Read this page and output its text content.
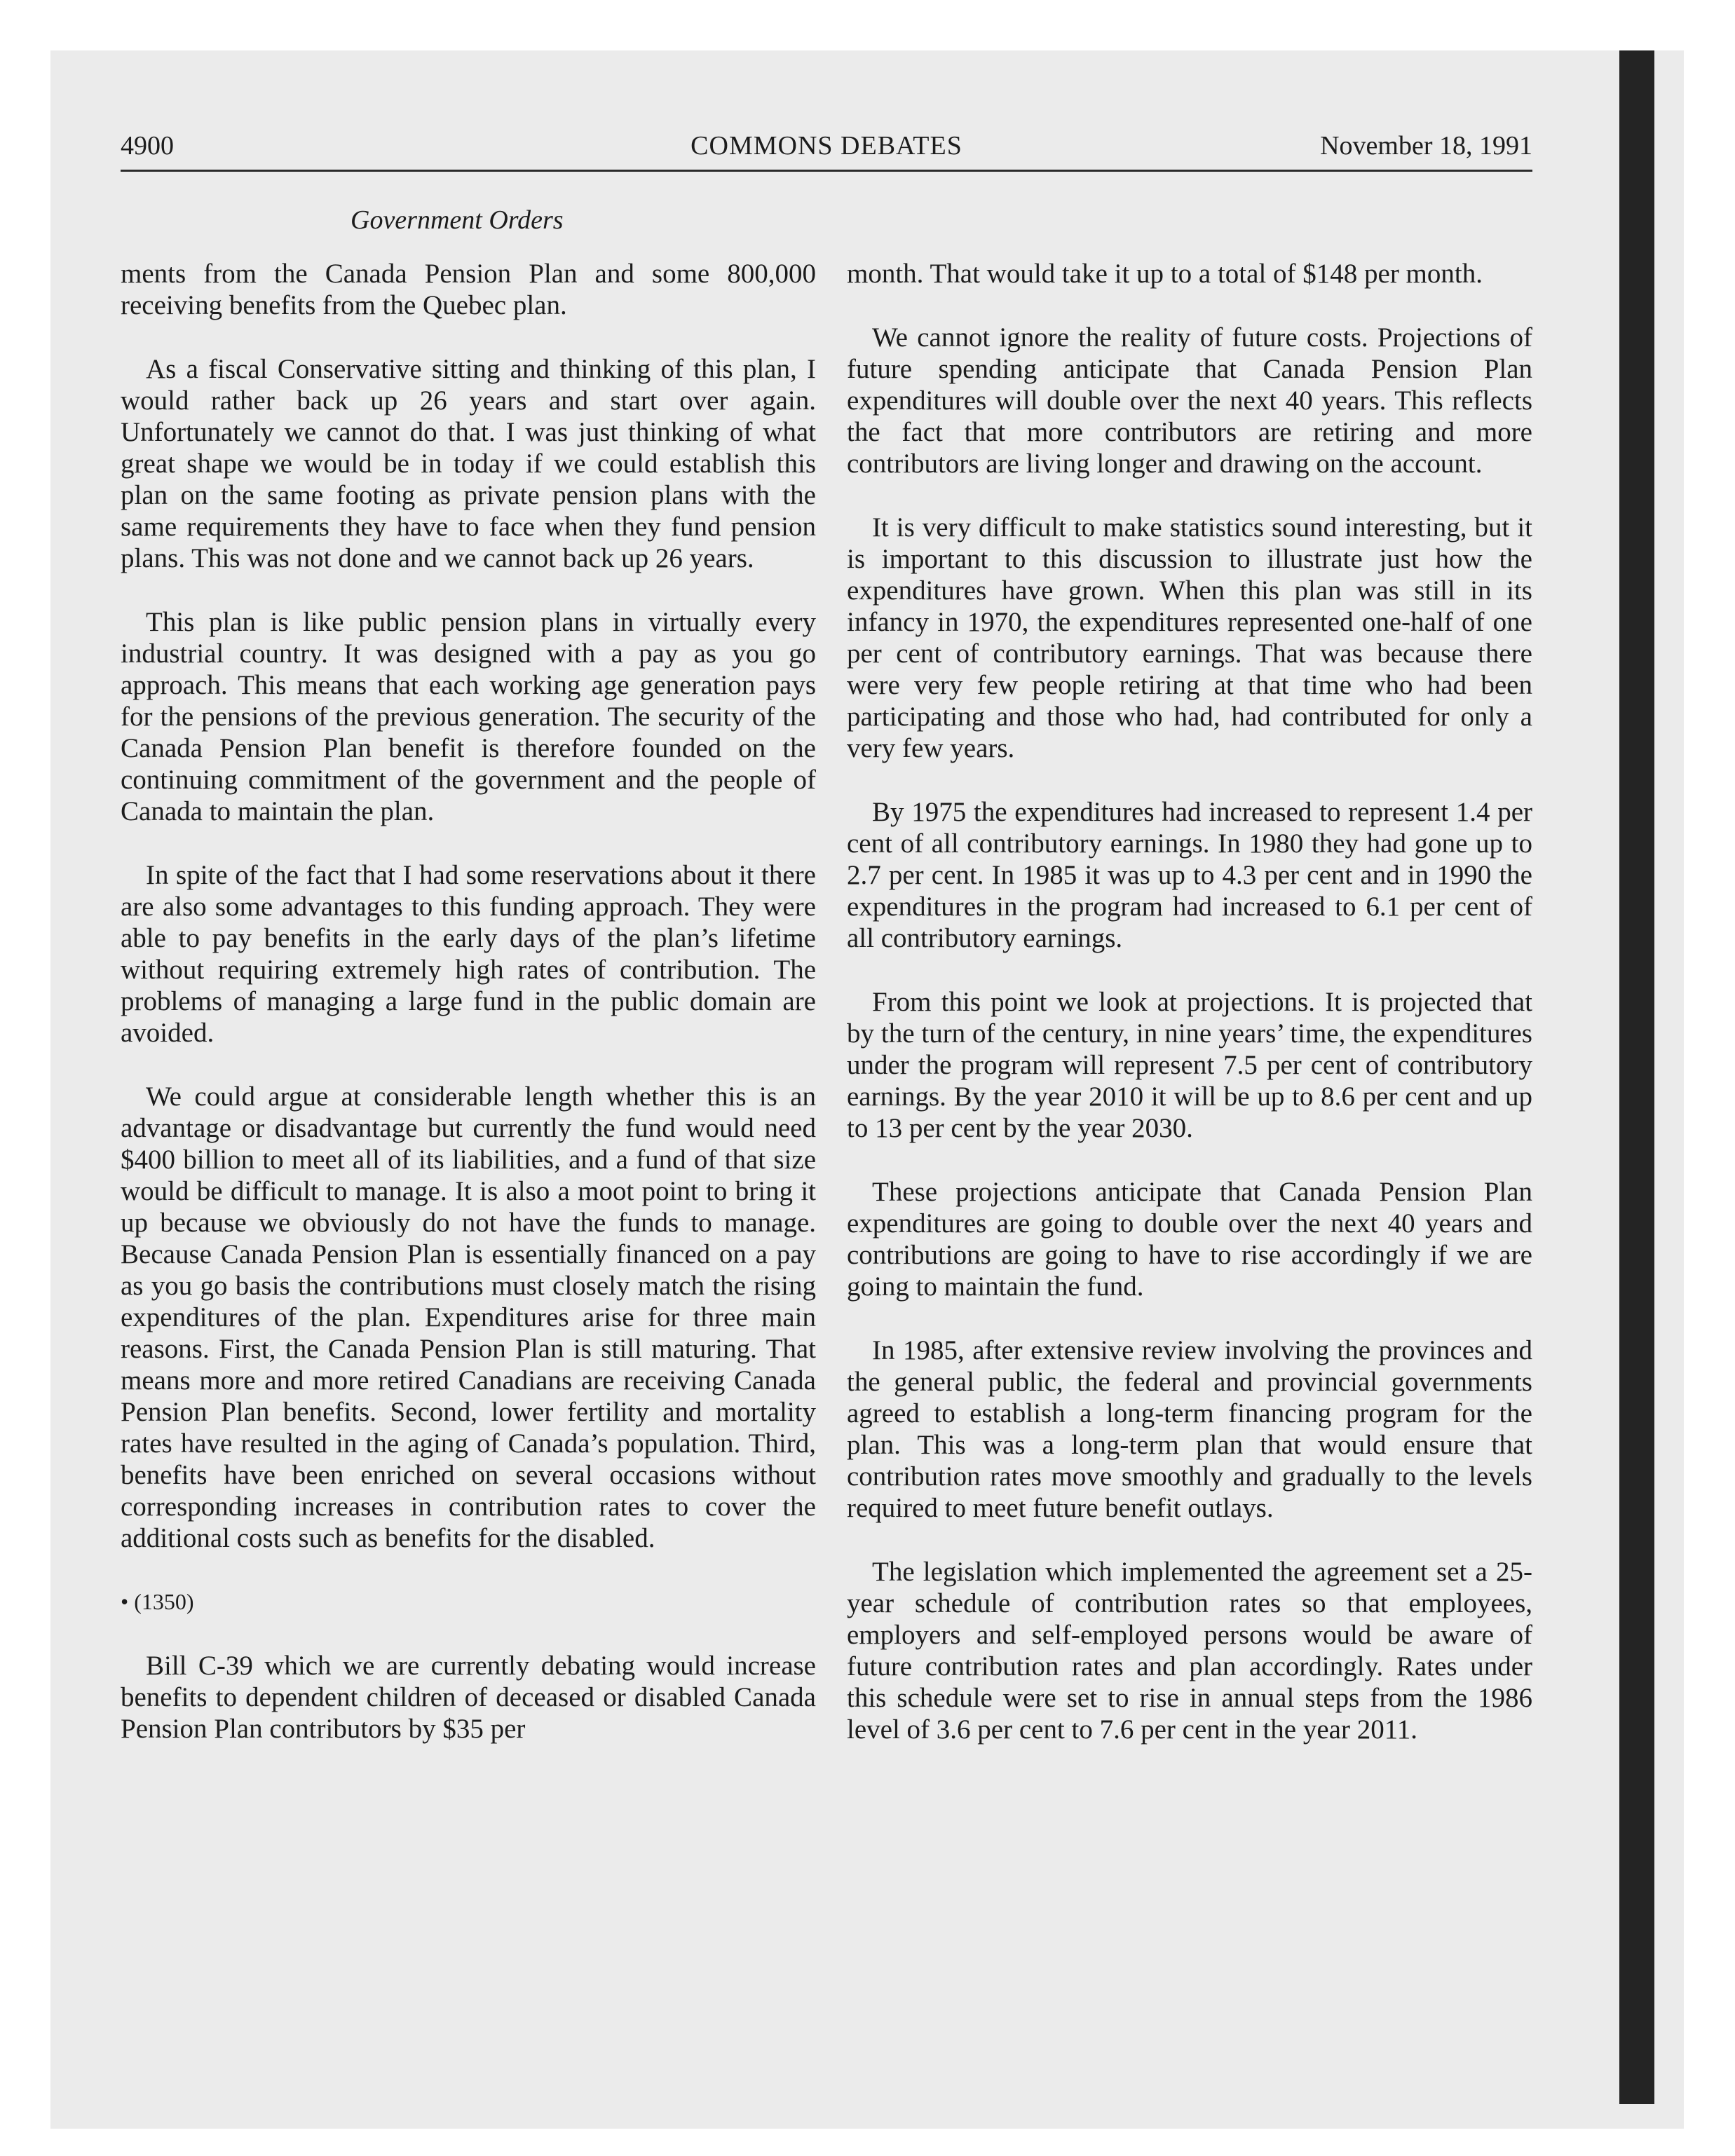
4900	COMMONS DEBATES	November 18, 1991
Government Orders

ments from the Canada Pension Plan and some 800,000 receiving benefits from the Quebec plan.

As a fiscal Conservative sitting and thinking of this plan, I would rather back up 26 years and start over again. Unfortunately we cannot do that. I was just thinking of what great shape we would be in today if we could establish this plan on the same footing as private pension plans with the same requirements they have to face when they fund pension plans. This was not done and we cannot back up 26 years.

This plan is like public pension plans in virtually every industrial country. It was designed with a pay as you go approach. This means that each working age generation pays for the pensions of the previous generation. The security of the Canada Pension Plan benefit is therefore founded on the continuing commitment of the government and the people of Canada to maintain the plan.

In spite of the fact that I had some reservations about it there are also some advantages to this funding approach. They were able to pay benefits in the early days of the plan’s lifetime without requiring extremely high rates of contribution. The problems of managing a large fund in the public domain are avoided.

We could argue at considerable length whether this is an advantage or disadvantage but currently the fund would need $400 billion to meet all of its liabilities, and a fund of that size would be difficult to manage. It is also a moot point to bring it up because we obviously do not have the funds to manage. Because Canada Pension Plan is essentially financed on a pay as you go basis the contributions must closely match the rising expenditures of the plan. Expenditures arise for three main reasons. First, the Canada Pension Plan is still maturing. That means more and more retired Canadians are receiving Canada Pension Plan benefits. Second, lower fertility and mortality rates have resulted in the aging of Canada’s population. Third, benefits have been enriched on several occasions without corresponding increases in contribution rates to cover the additional costs such as benefits for the disabled.

• (1350)

Bill C-39 which we are currently debating would increase benefits to dependent children of deceased or disabled Canada Pension Plan contributors by $35 per

month. That would take it up to a total of $148 per month.

We cannot ignore the reality of future costs. Projections of future spending anticipate that Canada Pension Plan expenditures will double over the next 40 years. This reflects the fact that more contributors are retiring and more contributors are living longer and drawing on the account.

It is very difficult to make statistics sound interesting, but it is important to this discussion to illustrate just how the expenditures have grown. When this plan was still in its infancy in 1970, the expenditures represented one-half of one per cent of contributory earnings. That was because there were very few people retiring at that time who had been participating and those who had, had contributed for only a very few years.

By 1975 the expenditures had increased to represent 1.4 per cent of all contributory earnings. In 1980 they had gone up to 2.7 per cent. In 1985 it was up to 4.3 per cent and in 1990 the expenditures in the program had increased to 6.1 per cent of all contributory earnings.

From this point we look at projections. It is projected that by the turn of the century, in nine years’ time, the expenditures under the program will represent 7.5 per cent of contributory earnings. By the year 2010 it will be up to 8.6 per cent and up to 13 per cent by the year 2030.

These projections anticipate that Canada Pension Plan expenditures are going to double over the next 40 years and contributions are going to have to rise accordingly if we are going to maintain the fund.

In 1985, after extensive review involving the provinces and the general public, the federal and provincial governments agreed to establish a long-term financing program for the plan. This was a long-term plan that would ensure that contribution rates move smoothly and gradually to the levels required to meet future benefit outlays.

The legislation which implemented the agreement set a 25-year schedule of contribution rates so that employees, employers and self-employed persons would be aware of future contribution rates and plan accordingly. Rates under this schedule were set to rise in annual steps from the 1986 level of 3.6 per cent to 7.6 per cent in the year 2011.
